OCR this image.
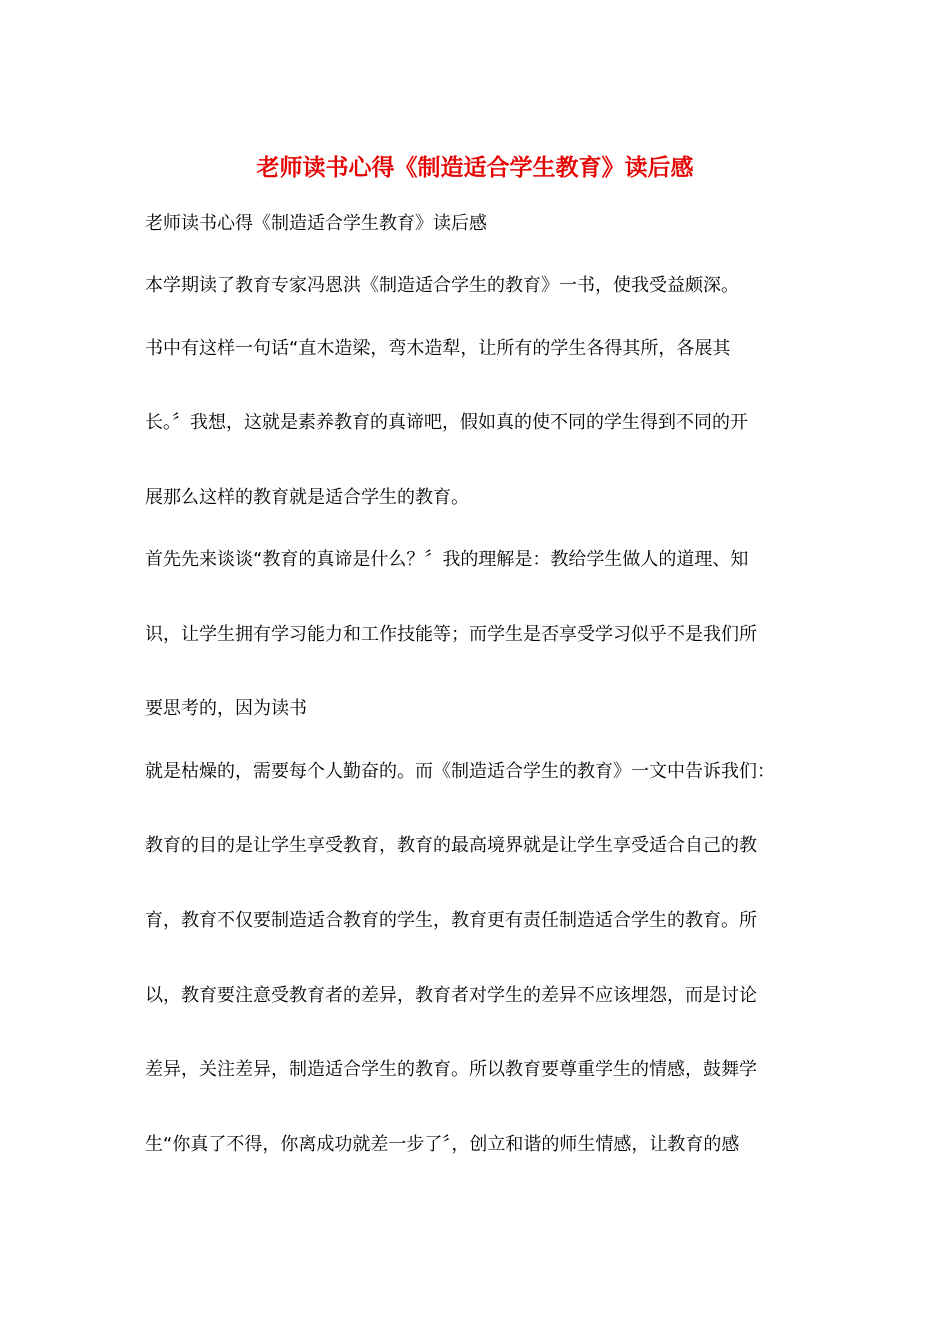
老师读书心得《制造适合学生教育》读后感
老师读书心得《制造适合学生教育》读后感
本学期读了教育专家冯恩洪《制造适合学生的教育》一书，使我受益颇深。
书中有这样一句话“直木造梁，弯木造犁，让所有的学生各得其所，各展其
长。〞我想，这就是素养教育的真谛吧，假如真的使不同的学生得到不同的开
展那么这样的教育就是适合学生的教育。
首先先来谈谈“教育的真谛是什么？〞我的理解是：教给学生做人的道理、知
识，让学生拥有学习能力和工作技能等；而学生是否享受学习似乎不是我们所
要思考的，因为读书
就是枯燥的，需要每个人勤奋的。而《制造适合学生的教育》一文中告诉我们：
教育的目的是让学生享受教育，教育的最高境界就是让学生享受适合自己的教
育，教育不仅要制造适合教育的学生，教育更有责任制造适合学生的教育。所
以，教育要注意受教育者的差异，教育者对学生的差异不应该埋怨，而是讨论
差异，关注差异，制造适合学生的教育。所以教育要尊重学生的情感，鼓舞学
生“你真了不得，你离成功就差一步了〞，创立和谐的师生情感，让教育的感
